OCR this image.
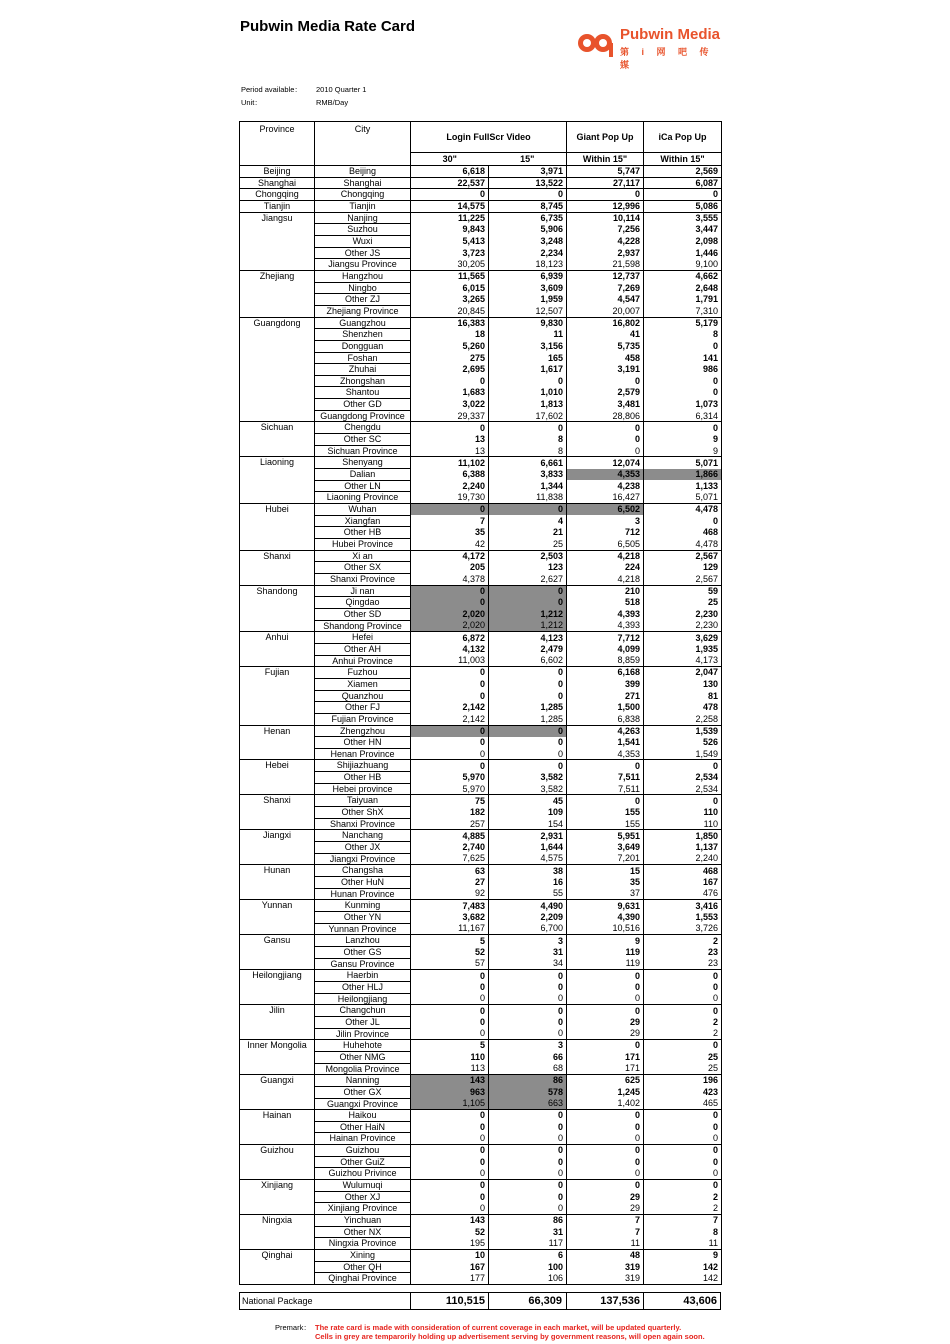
Pubwin Media Rate Card	Pubwin Media
第 i 网 吧 传 媒
Period available： 2010 Quarter 1
Unit：	RMB/Day
Province	City	Login FullScr Video		Giant Pop Up	iCa Pop Up
		30"	15"	Within 15"	Within 15"
Beijing	Beijing	6,618	3,971	5,747	2,569
Shanghai	Shanghai	22,537	13,522	27,117	6,087
Chongqing	Chongqing	0	0	0	0
Tianjin	Tianjin	14,575	8,745	12,996	5,086
Jiangsu	Nanjing	11,225	6,735	10,114	3,555
	Suzhou	9,843	5,906	7,256	3,447
	Wuxi	5,413	3,248	4,228	2,098
	Other JS	3,723	2,234	2,937	1,446
	Jiangsu Province	30,205	18,123	21,598	9,100
Zhejiang	Hangzhou	11,565	6,939	12,737	4,662
	Ningbo	6,015	3,609	7,269	2,648
	Other ZJ	3,265	1,959	4,547	1,791
	Zhejiang Province	20,845	12,507	20,007	7,310
Guangdong	Guangzhou	16,383	9,830	16,802	5,179
	Shenzhen	18	11	41	8
	Dongguan	5,260	3,156	5,735	0
	Foshan	275	165	458	141
	Zhuhai	2,695	1,617	3,191	986
	Zhongshan	0	0	0	0
	Shantou	1,683	1,010	2,579	0
	Other GD	3,022	1,813	3,481	1,073
	Guangdong Province	29,337	17,602	28,806	6,314
Sichuan	Chengdu	0	0	0	0
	Other SC	13	8	0	9
	Sichuan Province	13	8	0	9
Liaoning	Shenyang	11,102	6,661	12,074	5,071
	Dalian	6,388	3,833	4,353	1,866
	Other LN	2,240	1,344	4,238	1,133
	Liaoning Province	19,730	11,838	16,427	5,071
Hubei	Wuhan	0	0	6,502	4,478
	Xiangfan	7	4	3	0
	Other HB	35	21	712	468
	Hubei Province	42	25	6,505	4,478
Shanxi	Xi an	4,172	2,503	4,218	2,567
	Other SX	205	123	224	129
	Shanxi Province	4,378	2,627	4,218	2,567
Shandong	Ji nan	0	0	210	59
	Qingdao	0	0	518	25
	Other SD	2,020	1,212	4,393	2,230
	Shandong Province	2,020	1,212	4,393	2,230
Anhui	Hefei	6,872	4,123	7,712	3,629
	Other AH	4,132	2,479	4,099	1,935
	Anhui Province	11,003	6,602	8,859	4,173
Fujian	Fuzhou	0	0	6,168	2,047
	Xiamen	0	0	399	130
	Quanzhou	0	0	271	81
	Other FJ	2,142	1,285	1,500	478
	Fujian Province	2,142	1,285	6,838	2,258
Henan	Zhengzhou	0	0	4,263	1,539
	Other HN	0	0	1,541	526
	Henan Province	0	0	4,353	1,549
Hebei	Shijiazhuang	0	0	0	0
	Other HB	5,970	3,582	7,511	2,534
	Hebei province	5,970	3,582	7,511	2,534
Shanxi	Taiyuan	75	45	0	0
	Other ShX	182	109	155	110
	Shanxi Province	257	154	155	110
Jiangxi	Nanchang	4,885	2,931	5,951	1,850
	Other JX	2,740	1,644	3,649	1,137
	Jiangxi Province	7,625	4,575	7,201	2,240
Hunan	Changsha	63	38	15	468
	Other HuN	27	16	35	167
	Hunan Province	92	55	37	476
Yunnan	Kunming	7,483	4,490	9,631	3,416
	Other YN	3,682	2,209	4,390	1,553
	Yunnan Province	11,167	6,700	10,516	3,726
Gansu	Lanzhou	5	3	9	2
	Other GS	52	31	119	23
	Gansu Province	57	34	119	23
Heilongjiang	Haerbin	0	0	0	0
	Other HLJ	0	0	0	0
	Heilongjiang	0	0	0	0
Jilin	Changchun	0	0	0	0
	Other JL	0	0	29	2
	Jilin Province	0	0	29	2
Inner Mongolia	Huhehote	5	3	0	0
	Other NMG	110	66	171	25
	Mongolia Province	113	68	171	25
Guangxi	Nanning	143	86	625	196
	Other GX	963	578	1,245	423
	Guangxi Province	1,105	663	1,402	465
Hainan	Haikou	0	0	0	0
	Other HaiN	0	0	0	0
	Hainan Province	0	0	0	0
Guizhou	Guizhou	0	0	0	0
	Other GuiZ	0	0	0	0
	Guizhou Privince	0	0	0	0
Xinjiang	Wulumuqi	0	0	0	0
	Other XJ	0	0	29	2
	Xinjiang Province	0	0	29	2
Ningxia	Yinchuan	143	86	7	7
	Other NX	52	31	7	8
	Ningxia Province	195	117	11	11
Qinghai	Xining	10	6	48	9
	Other QH	167	100	319	142
	Qinghai Province	177	106	319	142
National Package	110,515	66,309	137,536	43,606
Premark： The rate card is made with consideration of current coverage in each market, will be updated quarterly.
Cells in grey are temparorily holding up advertisement serving by government reasons, will open again soon.
